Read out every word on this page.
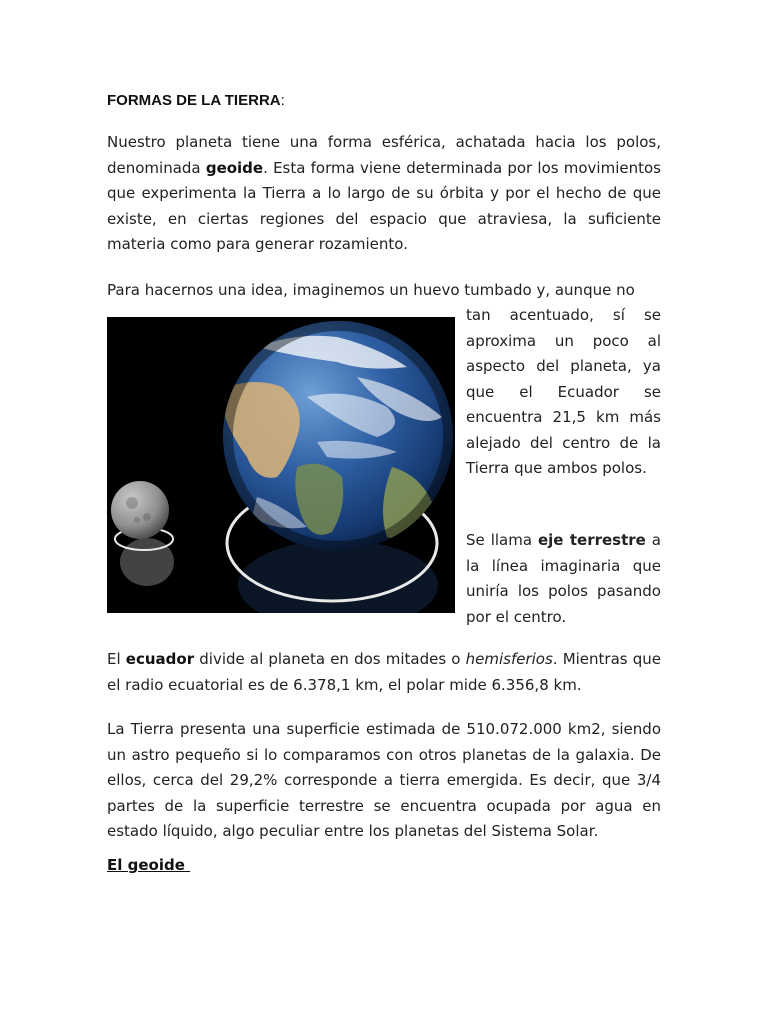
FORMAS DE LA TIERRA:
Nuestro planeta tiene una forma esférica, achatada hacia los polos, denominada geoide. Esta forma viene determinada por los movimientos que experimenta la Tierra a lo largo de su órbita y por el hecho de que existe, en ciertas regiones del espacio que atraviesa, la suficiente materia como para generar rozamiento.
Para hacernos una idea, imaginemos un huevo tumbado y, aunque no
tan acentuado, sí se aproxima un poco al aspecto del planeta, ya que el Ecuador se encuentra 21,5 km más alejado del centro de la Tierra que ambos polos.
Se llama eje terrestre a la línea imaginaria que uniría los polos pasando por el centro.
El ecuador divide al planeta en dos mitades o hemisferios. Mientras que el radio ecuatorial es de 6.378,1 km, el polar mide 6.356,8 km.
La Tierra presenta una superficie estimada de 510.072.000 km2, siendo un astro pequeño si lo comparamos con otros planetas de la galaxia. De ellos, cerca del 29,2% corresponde a tierra emergida. Es decir, que 3/4 partes de la superficie terrestre se encuentra ocupada por agua en estado líquido, algo peculiar entre los planetas del Sistema Solar.
El geoide
